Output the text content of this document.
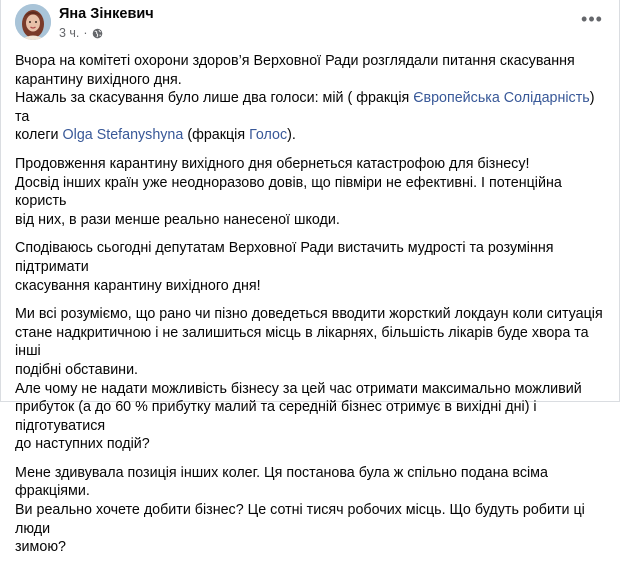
Яна Зінкевич
3 ч. ·
•••

Вчора на комітеті охорони здоров’я Верховної Ради розглядали питання скасування
карантину вихідного дня.
Нажаль за скасування було лише два голоси: мій ( фракція Європейська Солідарність) та
колеги Olga Stefanyshyna (фракція Голос).

Продовження карантину вихідного дня обернеться катастрофою для бізнесу!
Досвід інших країн уже неодноразово довів, що півміри не ефективні. І потенційна користь
від них, в рази менше реально нанесеної шкоди.

Сподіваюсь сьогодні депутатам Верховної Ради вистачить мудрості та розуміння підтримати
скасування карантину вихідного дня!

Ми всі розуміємо, що рано чи пізно доведеться вводити жорсткий локдаун коли ситуація
стане надкритичною і не залишиться місць в лікарнях, більшість лікарів буде хвора та інші
подібні обставини.
Але чому не надати можливість бізнесу за цей час отримати максимально можливий
прибуток (а до 60 % прибутку малий та середній бізнес отримує в вихідні дні) і підготуватися
до наступних подій?

Мене здивувала позиція інших колег. Ця постанова була ж спільно подана всіма фракціями.
Ви реально хочете добити бізнес? Це сотні тисяч робочих місць. Що будуть робити ці люди
зимою?
